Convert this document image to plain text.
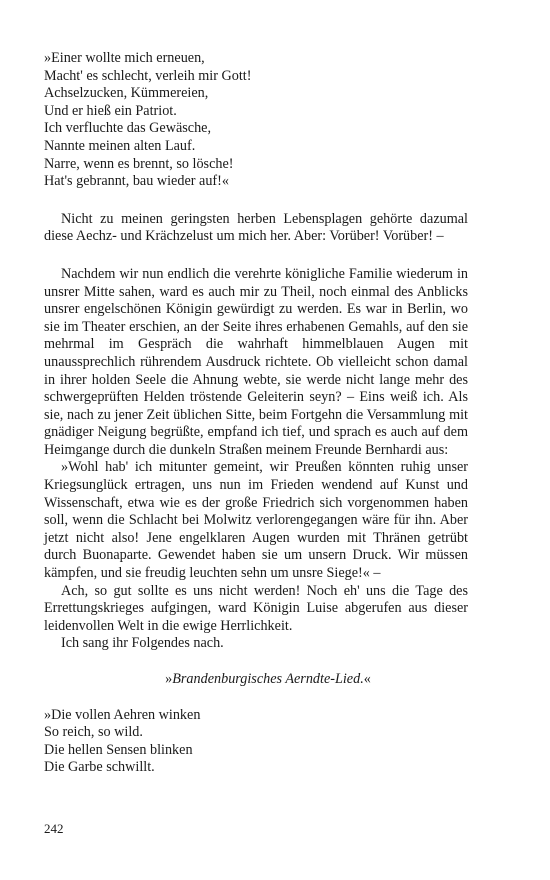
»Einer wollte mich erneuen,
Macht' es schlecht, verleih mir Gott!
Achselzucken, Kümmereien,
Und er hieß ein Patriot.
Ich verfluchte das Gewäsche,
Nannte meinen alten Lauf.
Narre, wenn es brennt, so lösche!
Hat's gebrannt, bau wieder auf!«

Nicht zu meinen geringsten herben Lebensplagen gehörte dazumal diese Aechz- und Krächzelust um mich her. Aber: Vorüber! Vorüber! –

Nachdem wir nun endlich die verehrte königliche Familie wiederum in unsrer Mitte sahen, ward es auch mir zu Theil, noch einmal des Anblicks unsrer engelschönen Königin gewürdigt zu werden. Es war in Berlin, wo sie im Theater erschien, an der Seite ihres erhabenen Gemahls, auf den sie mehrmal im Gespräch die wahrhaft himmelblauen Augen mit unaussprechlich rührendem Ausdruck richtete. Ob vielleicht schon damal in ihrer holden Seele die Ahnung webte, sie werde nicht lange mehr des schwergeprüften Helden tröstende Geleiterin seyn? – Eins weiß ich. Als sie, nach zu jener Zeit üblichen Sitte, beim Fortgehn die Versammlung mit gnädiger Neigung begrüßte, empfand ich tief, und sprach es auch auf dem Heimgange durch die dunkeln Straßen meinem Freunde Bernhardi aus:

»Wohl hab' ich mitunter gemeint, wir Preußen könnten ruhig unser Kriegsunglück ertragen, uns nun im Frieden wendend auf Kunst und Wissenschaft, etwa wie es der große Friedrich sich vorgenommen haben soll, wenn die Schlacht bei Molwitz verlorengegangen wäre für ihn. Aber jetzt nicht also! Jene engelklaren Augen wurden mit Thränen getrübt durch Buonaparte. Gewendet haben sie um unsern Druck. Wir müssen kämpfen, und sie freudig leuchten sehn um unsre Siege!« –

Ach, so gut sollte es uns nicht werden! Noch eh' uns die Tage des Errettungskrieges aufgingen, ward Königin Luise abgerufen aus dieser leidenvollen Welt in die ewige Herrlichkeit.

Ich sang ihr Folgendes nach.

»Brandenburgisches Aerndte-Lied.«
»Die vollen Aehren winken
So reich, so wild.
Die hellen Sensen blinken
Die Garbe schwillt.
242
